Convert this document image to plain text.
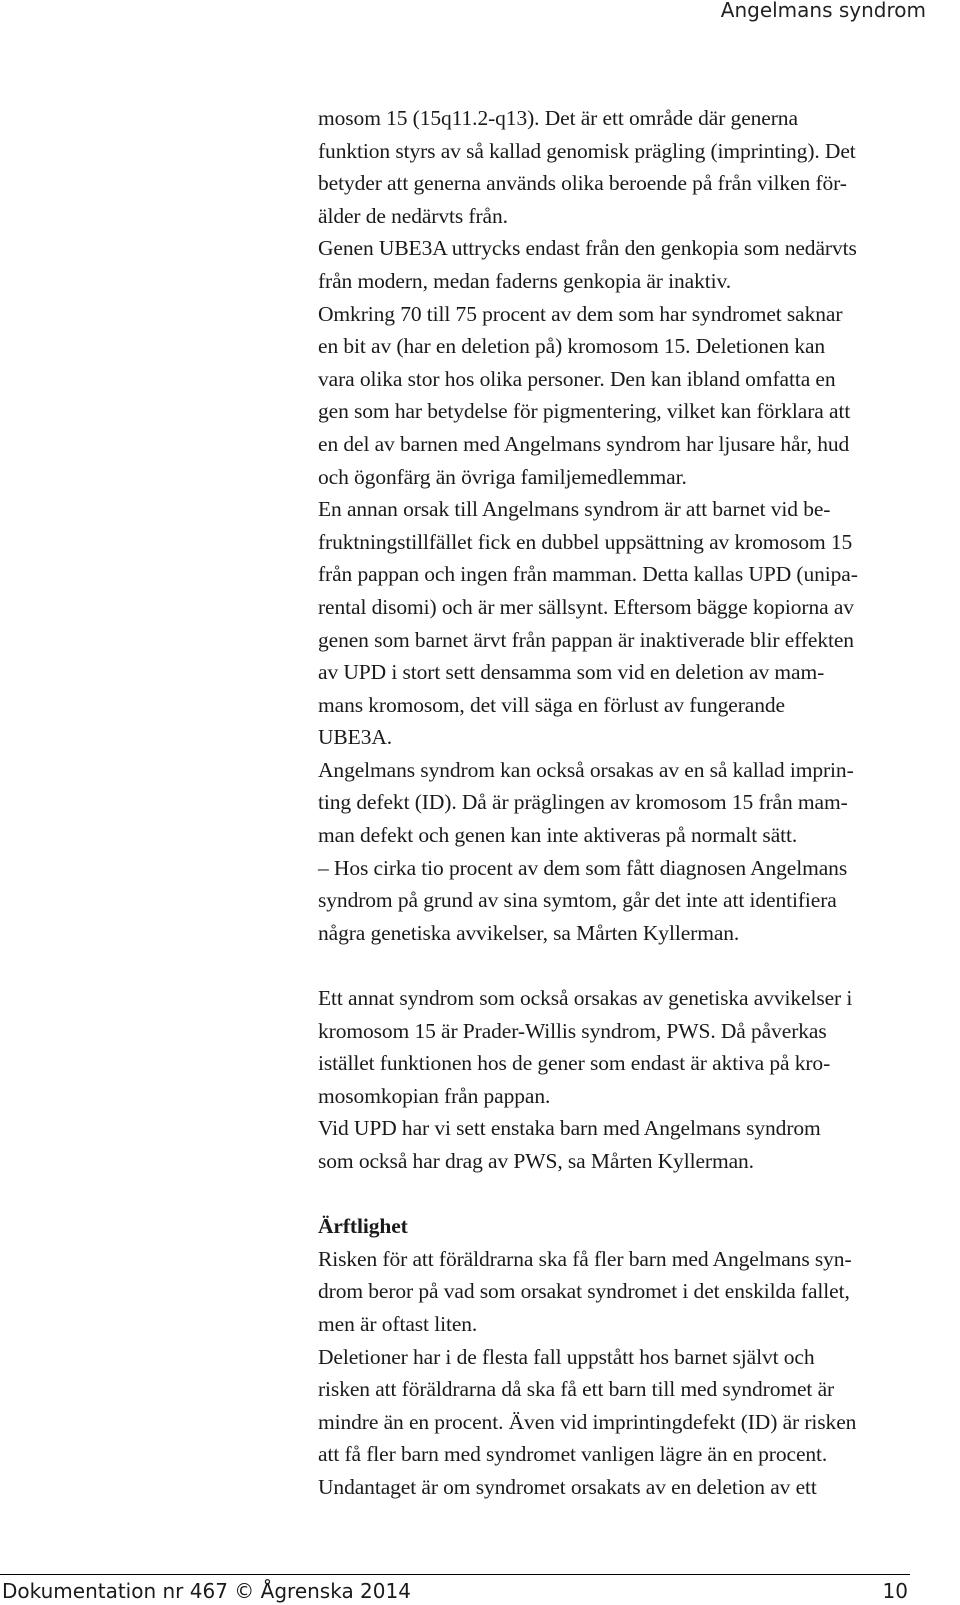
Angelmans syndrom
mosom 15 (15q11.2-q13). Det är ett område där generna
funktion styrs av så kallad genomisk prägling (imprinting). Det
betyder att generna används olika beroende på från vilken för-
älder de nedärvts från.
Genen UBE3A uttrycks endast från den genkopia som nedärvts
från modern, medan faderns genkopia är inaktiv.
Omkring 70 till 75 procent av dem som har syndromet saknar
en bit av (har en deletion på) kromosom 15. Deletionen kan
vara olika stor hos olika personer. Den kan ibland omfatta en
gen som har betydelse för pigmentering, vilket kan förklara att
en del av barnen med Angelmans syndrom har ljusare hår, hud
och ögonfärg än övriga familjemedlemmar.
En annan orsak till Angelmans syndrom är att barnet vid be-
fruktningstillfället fick en dubbel uppsättning av kromosom 15
från pappan och ingen från mamman. Detta kallas UPD (unipa-
rental disomi) och är mer sällsynt. Eftersom bägge kopiorna av
genen som barnet ärvt från pappan är inaktiverade blir effekten
av UPD i stort sett densamma som vid en deletion av mam-
mans kromosom, det vill säga en förlust av fungerande
UBE3A.
Angelmans syndrom kan också orsakas av en så kallad imprin-
ting defekt (ID). Då är präglingen av kromosom 15 från mam-
man defekt och genen kan inte aktiveras på normalt sätt.
– Hos cirka tio procent av dem som fått diagnosen Angelmans
syndrom på grund av sina symtom, går det inte att identifiera
några genetiska avvikelser, sa Mårten Kyllerman.
Ett annat syndrom som också orsakas av genetiska avvikelser i
kromosom 15 är Prader-Willis syndrom, PWS. Då påverkas
istället funktionen hos de gener som endast är aktiva på kro-
mosomkopian från pappan.
Vid UPD har vi sett enstaka barn med Angelmans syndrom
som också har drag av PWS, sa Mårten Kyllerman.
Ärftlighet
Risken för att föräldrarna ska få fler barn med Angelmans syn-
drom beror på vad som orsakat syndromet i det enskilda fallet,
men är oftast liten.
Deletioner har i de flesta fall uppstått hos barnet självt och
risken att föräldrarna då ska få ett barn till med syndromet är
mindre än en procent. Även vid imprintingdefekt (ID) är risken
att få fler barn med syndromet vanligen lägre än en procent.
Undantaget är om syndromet orsakats av en deletion av ett
Dokumentation nr 467 © Ågrenska 2014	10
